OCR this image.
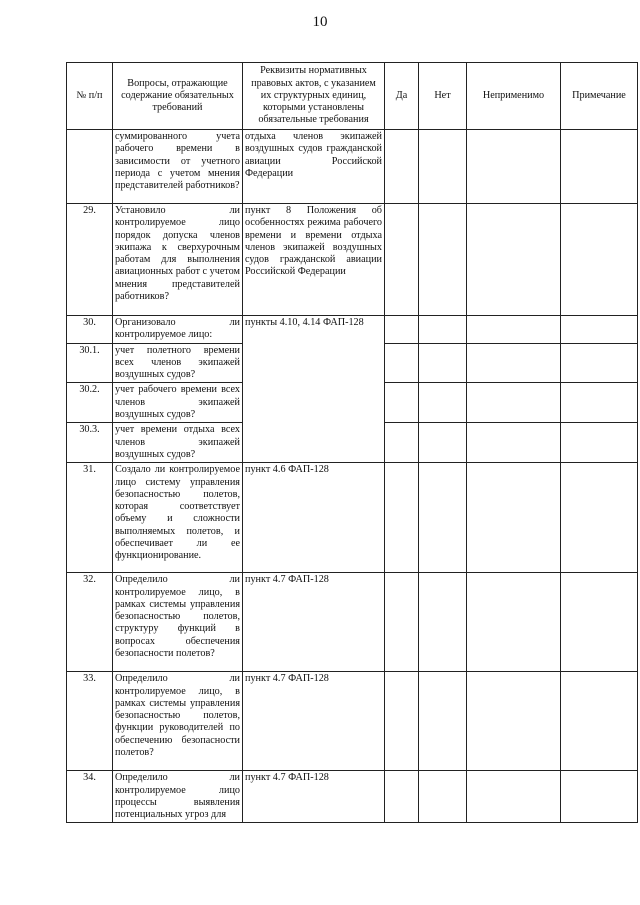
10
№ п/п	Вопросы, отражающие содержание обязательных требований	Реквизиты нормативных правовых актов, с указанием их структурных единиц, которыми установлены обязательные требования	Да	Нет	Неприменимо	Примечание
	суммированного учета рабочего времени в зависимости от учетного периода с учетом мнения представителей работников?	отдыха членов экипажей воздушных судов гражданской авиации Российской Федерации				
29.	Установило ли контролируемое лицо порядок допуска членов экипажа к сверхурочным работам для выполнения авиационных работ с учетом мнения представителей работников?	пункт 8 Положения об особенностях режима рабочего времени и времени отдыха членов экипажей воздушных судов гражданской авиации Российской Федерации				
30.	Организовало ли контролируемое лицо:	пункты 4.10, 4.14 ФАП-128				
30.1.	учет полетного времени всех членов экипажей воздушных судов?					
30.2.	учет рабочего времени всех членов экипажей воздушных судов?					
30.3.	учет времени отдыха всех членов экипажей воздушных судов?					
31.	Создало ли контролируемое лицо систему управления безопасностью полетов, которая соответствует объему и сложности выполняемых полетов, и обеспечивает ли ее функционирование.	пункт 4.6 ФАП-128				
32.	Определило ли контролируемое лицо, в рамках системы управления безопасностью полетов, структуру функций в вопросах обеспечения безопасности полетов?	пункт 4.7 ФАП-128				
33.	Определило ли контролируемое лицо, в рамках системы управления безопасностью полетов, функции руководителей по обеспечению безопасности полетов?	пункт 4.7 ФАП-128				
34.	Определило ли контролируемое лицо процессы выявления потенциальных угроз для	пункт 4.7 ФАП-128				
